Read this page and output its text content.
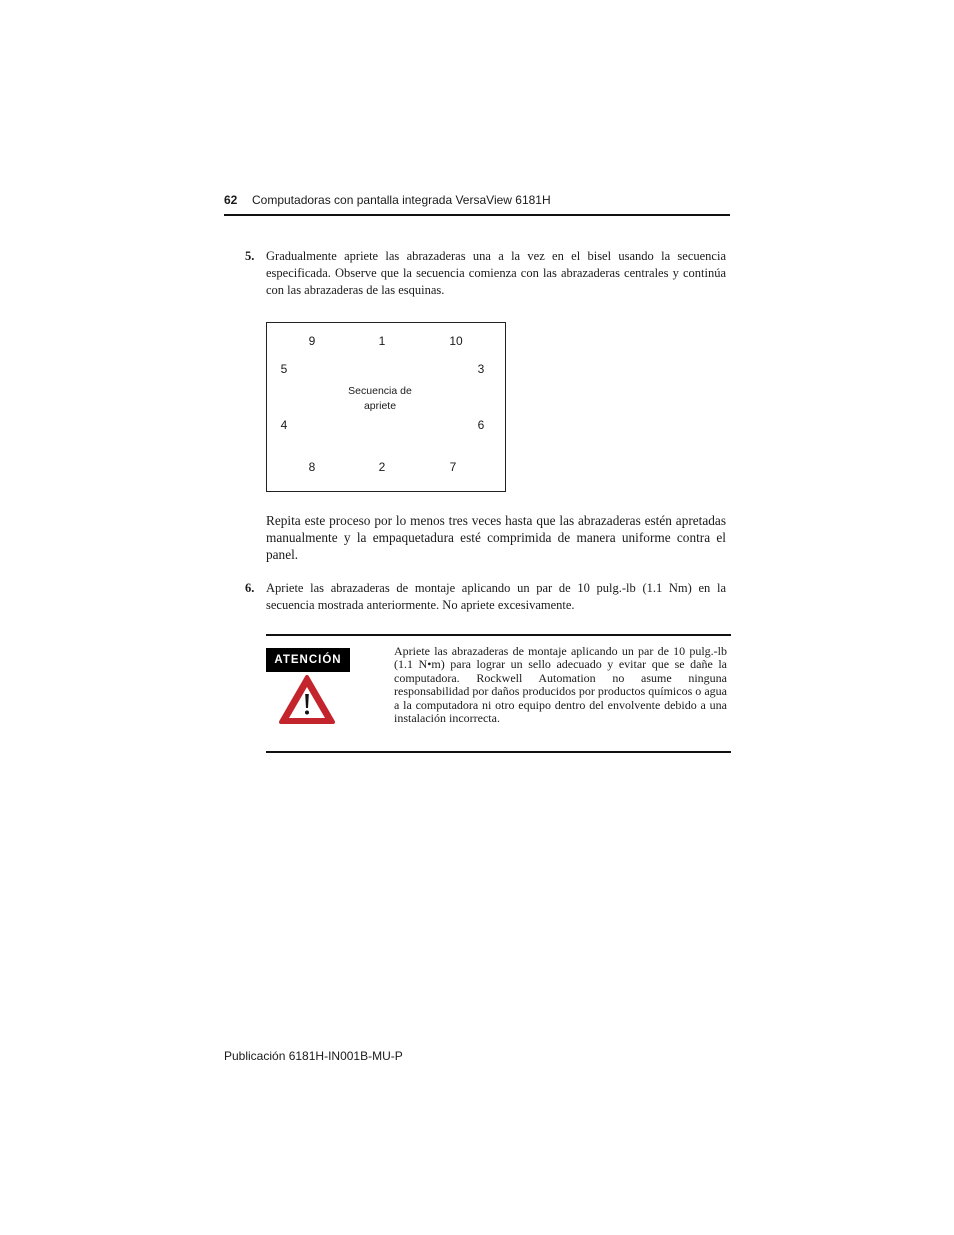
62 Computadoras con pantalla integrada VersaView 6181H
5. Gradualmente apriete las abrazaderas una a la vez en el bisel usando la secuencia especificada. Observe que la secuencia comienza con las abrazaderas centrales y continúa con las abrazaderas de las esquinas.
9	1	10
5	3
Secuencia de
apriete
4	6
8	2	7
Repita este proceso por lo menos tres veces hasta que las abrazaderas estén apretadas manualmente y la empaquetadura esté comprimida de manera uniforme contra el panel.
6. Apriete las abrazaderas de montaje aplicando un par de 10 pulg.-lb (1.1 Nm) en la secuencia mostrada anteriormente. No apriete excesivamente.
ATENCIÓN
Apriete las abrazaderas de montaje aplicando un par de 10 pulg.-lb (1.1 N•m) para lograr un sello adecuado y evitar que se dañe la computadora. Rockwell Automation no asume ninguna responsabilidad por daños producidos por productos químicos o agua a la computadora ni otro equipo dentro del envolvente debido a una instalación incorrecta.
Publicación 6181H-IN001B-MU-P
